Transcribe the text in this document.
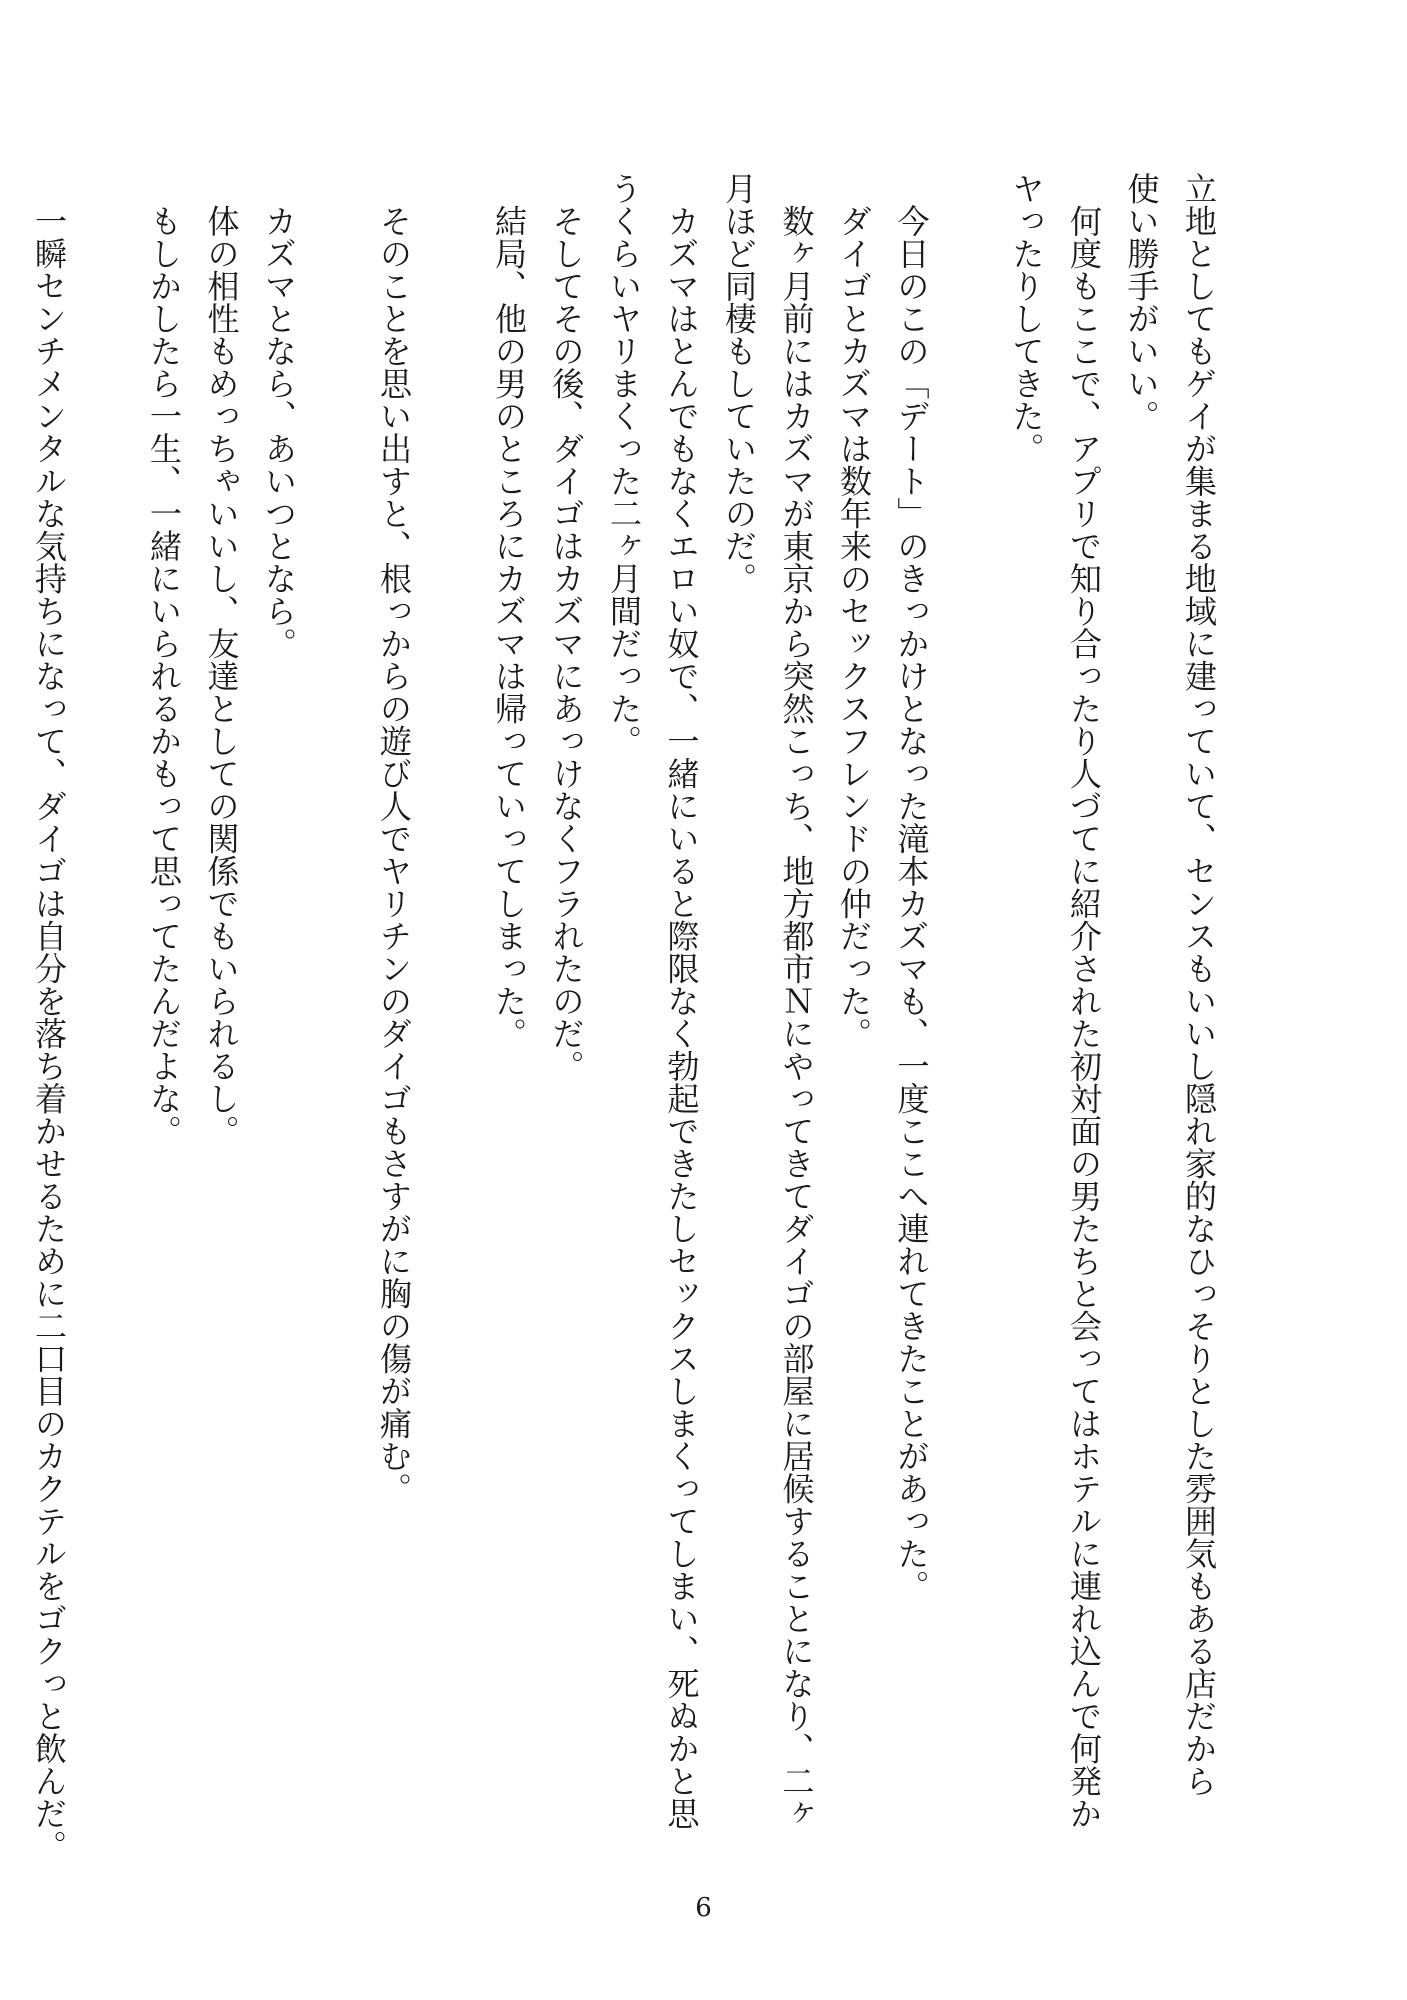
立地としてもゲイが集まる地域に建っていて、センスもいいし隠れ家的なひっそりとした雰囲気もある店だから
使い勝手がいい。
　何度もここで、アプリで知り合ったり人づてに紹介された初対面の男たちと会ってはホテルに連れ込んで何発か
ヤったりしてきた。

　今日のこの「デート」のきっかけとなった滝本カズマも、一度ここへ連れてきたことがあった。
　ダイゴとカズマは数年来のセックスフレンドの仲だった。
　数ヶ月前にはカズマが東京から突然こっち、地方都市Ｎにやってきてダイゴの部屋に居候することになり、二ヶ
月ほど同棲もしていたのだ。
　カズマはとんでもなくエロい奴で、一緒にいると際限なく勃起できたしセックスしまくってしまい、死ぬかと思
うくらいヤリまくった二ヶ月間だった。
　そしてその後、ダイゴはカズマにあっけなくフラれたのだ。
　結局、他の男のところにカズマは帰っていってしまった。

　そのことを思い出すと、根っからの遊び人でヤリチンのダイゴもさすがに胸の傷が痛む。

　カズマとなら、あいつとなら。
　体の相性もめっちゃいいし、友達としての関係でもいられるし。
　もしかしたら一生、一緒にいられるかもって思ってたんだよな。

　一瞬センチメンタルな気持ちになって、ダイゴは自分を落ち着かせるために二口目のカクテルをゴクっと飲んだ。
6
